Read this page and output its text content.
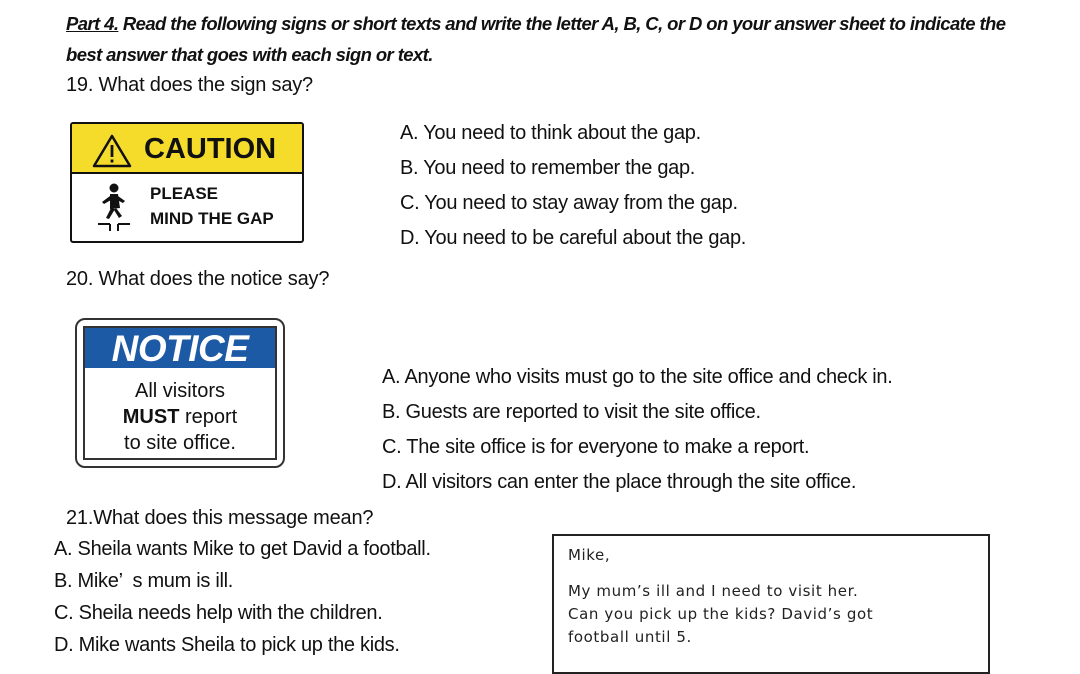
Part 4. Read the following signs or short texts and write the letter A, B, C, or D on your answer sheet to indicate the
best answer that goes with each sign or text.
19. What does the sign say?
CAUTION
PLEASE
MIND THE GAP
A. You need to think about the gap.
B. You need to remember the gap.
C. You need to stay away from the gap.
D. You need to be careful about the gap.
20. What does the notice say?
NOTICE
All visitors
MUST report
to site office.
A. Anyone who visits must go to the site office and check in.
B. Guests are reported to visit the site office.
C. The site office is for everyone to make a report.
D. All visitors can enter the place through the site office.
21.What does this message mean?
A. Sheila wants Mike to get David a football.
B. Mike’  s mum is ill.
C. Sheila needs help with the children.
D. Mike wants Sheila to pick up the kids.
Mike,
My mum’s ill and I need to visit her.
Can you pick up the kids? David’s got
football until 5.
